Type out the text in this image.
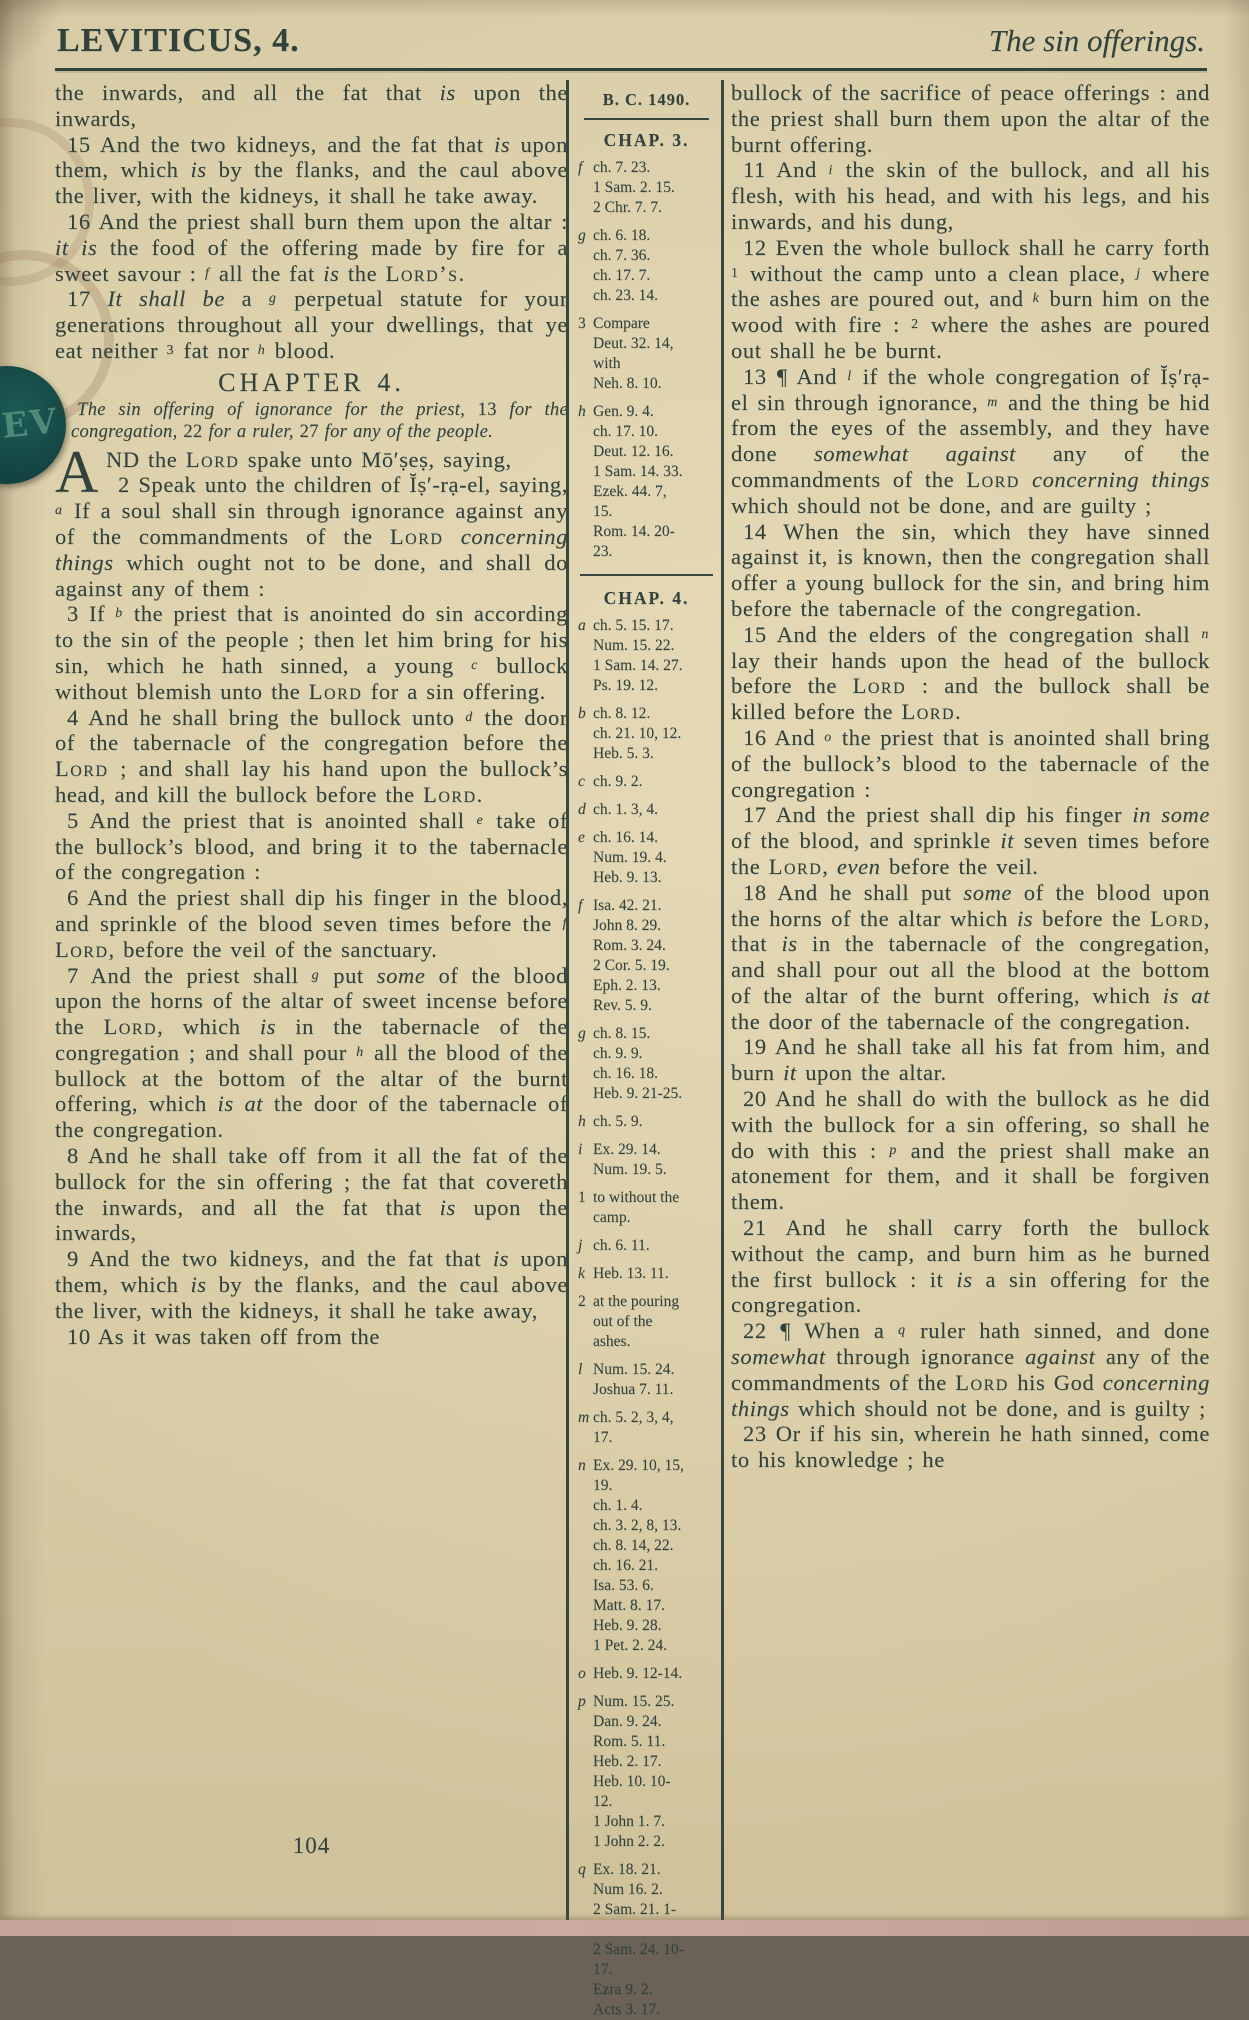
EV
LEVITICUS, 4.	The sin offerings.

the inwards, and all the fat that is upon the inwards,

15 And the two kidneys, and the fat that is upon them, which is by the flanks, and the caul above the liver, with the kidneys, it shall he take away.

16 And the priest shall burn them upon the altar : it is the food of the offering made by fire for a sweet savour : $^f$ all the fat is the Lord’s.

17 It shall be a $^g$ perpetual statute for your generations throughout all your dwellings, that ye eat neither $^3$ fat nor $^h$ blood.

CHAPTER 4.

1 The sin offering of ignorance for the priest, 13 for the congregation, 22 for a ruler, 27 for any of the people.

AND the Lord spake unto Mō′ṣeṣ, saying,

2 Speak unto the children of Ĭṣ′-rạ-el, saying, $^a$ If a soul shall sin through ignorance against any of the commandments of the Lord concerning things which ought not to be done, and shall do against any of them :

3 If $^b$ the priest that is anointed do sin according to the sin of the people ; then let him bring for his sin, which he hath sinned, a young $^c$ bullock without blemish unto the Lord for a sin offering.

4 And he shall bring the bullock unto $^d$ the door of the tabernacle of the congregation before the Lord ; and shall lay his hand upon the bullock’s head, and kill the bullock before the Lord.

5 And the priest that is anointed shall $^e$ take of the bullock’s blood, and bring it to the tabernacle of the congregation :

6 And the priest shall dip his finger in the blood, and sprinkle of the blood seven times before the $^f$ Lord, before the veil of the sanctuary.

7 And the priest shall $^g$ put some of the blood upon the horns of the altar of sweet incense before the Lord, which is in the tabernacle of the congregation ; and shall pour $^h$ all the blood of the bullock at the bottom of the altar of the burnt offering, which is at the door of the tabernacle of the congregation.

8 And he shall take off from it all the fat of the bullock for the sin offering ; the fat that covereth the inwards, and all the fat that is upon the inwards,

9 And the two kidneys, and the fat that is upon them, which is by the flanks, and the caul above the liver, with the kidneys, it shall he take away,

10 As it was taken off from the

B. C. 1490.
CHAP. 3.
f ch. 7. 23.
1 Sam. 2. 15.
2 Chr. 7. 7.
g ch. 6. 18.
ch. 7. 36.
ch. 17. 7.
ch. 23. 14.
3 Compare
Deut. 32. 14,
with
Neh. 8. 10.
h Gen. 9. 4.
ch. 17. 10.
Deut. 12. 16.
1 Sam. 14. 33.
Ezek. 44. 7,
15.
Rom. 14. 20-
23.
CHAP. 4.
a ch. 5. 15. 17.
Num. 15. 22.
1 Sam. 14. 27.
Ps. 19. 12.
b ch. 8. 12.
ch. 21. 10, 12.
Heb. 5. 3.
c ch. 9. 2.
d ch. 1. 3, 4.
e ch. 16. 14.
Num. 19. 4.
Heb. 9. 13.
f Isa. 42. 21.
John 8. 29.
Rom. 3. 24.
2 Cor. 5. 19.
Eph. 2. 13.
Rev. 5. 9.
g ch. 8. 15.
ch. 9. 9.
ch. 16. 18.
Heb. 9. 21-25.
h ch. 5. 9.
i Ex. 29. 14.
Num. 19. 5.
1 to without the
camp.
j ch. 6. 11.
k Heb. 13. 11.
2 at the pouring
out of the
ashes.
l Num. 15. 24.
Joshua 7. 11.
m ch. 5. 2, 3, 4,
17.
n Ex. 29. 10, 15,
19.
ch. 1. 4.
ch. 3. 2, 8, 13.
ch. 8. 14, 22.
ch. 16. 21.
Isa. 53. 6.
Matt. 8. 17.
Heb. 9. 28.
1 Pet. 2. 24.
o Heb. 9. 12-14.
p Num. 15. 25.
Dan. 9. 24.
Rom. 5. 11.
Heb. 2. 17.
Heb. 10. 10-
12.
1 John 1. 7.
1 John 2. 2.
q Ex. 18. 21.
Num 16. 2.
2 Sam. 21. 1-

2 Sam. 24. 10-
17.
Ezra 9. 2.
Acts 3. 17.

bullock of the sacrifice of peace offerings : and the priest shall burn them upon the altar of the burnt offering.

11 And $^i$ the skin of the bullock, and all his flesh, with his head, and with his legs, and his inwards, and his dung,

12 Even the whole bullock shall he carry forth $^1$ without the camp unto a clean place, $^j$ where the ashes are poured out, and $^k$ burn him on the wood with fire : $^2$ where the ashes are poured out shall he be burnt.

13 ¶ And $^l$ if the whole congregation of Ĭṣ′rạ-el sin through ignorance, $^m$ and the thing be hid from the eyes of the assembly, and they have done somewhat against any of the commandments of the Lord concerning things which should not be done, and are guilty ;

14 When the sin, which they have sinned against it, is known, then the congregation shall offer a young bullock for the sin, and bring him before the tabernacle of the congregation.

15 And the elders of the congregation shall $^n$ lay their hands upon the head of the bullock before the Lord : and the bullock shall be killed before the Lord.

16 And $^o$ the priest that is anointed shall bring of the bullock’s blood to the tabernacle of the congregation :

17 And the priest shall dip his finger in some of the blood, and sprinkle it seven times before the Lord, even before the veil.

18 And he shall put some of the blood upon the horns of the altar which is before the Lord, that is in the tabernacle of the congregation, and shall pour out all the blood at the bottom of the altar of the burnt offering, which is at the door of the tabernacle of the congregation.

19 And he shall take all his fat from him, and burn it upon the altar.

20 And he shall do with the bullock as he did with the bullock for a sin offering, so shall he do with this : $^p$ and the priest shall make an atonement for them, and it shall be forgiven them.

21 And he shall carry forth the bullock without the camp, and burn him as he burned the first bullock : it is a sin offering for the congregation.

22 ¶ When a $^q$ ruler hath sinned, and done somewhat through ignorance against any of the commandments of the Lord his God concerning things which should not be done, and is guilty ;

23 Or if his sin, wherein he hath sinned, come to his knowledge ; he

104
